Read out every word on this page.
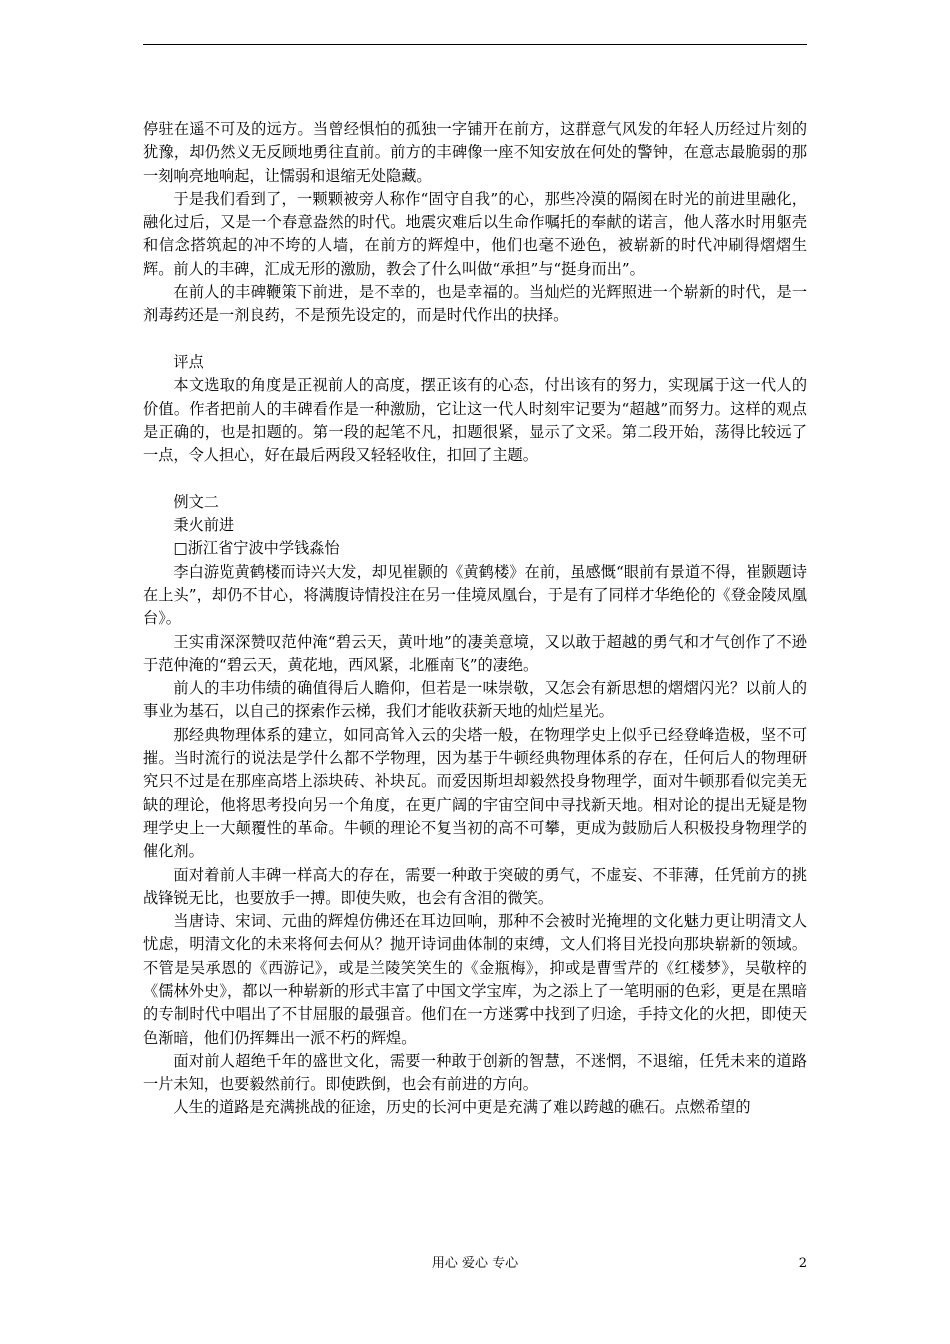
停驻在遥不可及的远方。当曾经惧怕的孤独一字铺开在前方，这群意气风发的年轻人历经过片刻的犹豫，却仍然义无反顾地勇往直前。前方的丰碑像一座不知安放在何处的警钟，在意志最脆弱的那一刻响亮地响起，让懦弱和退缩无处隐藏。

于是我们看到了，一颗颗被旁人称作“固守自我”的心，那些冷漠的隔阂在时光的前进里融化，融化过后，又是一个春意盎然的时代。地震灾难后以生命作嘱托的奉献的诺言，他人落水时用躯壳和信念搭筑起的冲不垮的人墙，在前方的辉煌中，他们也毫不逊色，被崭新的时代冲刷得熠熠生辉。前人的丰碑，汇成无形的激励，教会了什么叫做“承担”与“挺身而出”。

在前人的丰碑鞭策下前进，是不幸的，也是幸福的。当灿烂的光辉照进一个崭新的时代，是一剂毒药还是一剂良药，不是预先设定的，而是时代作出的抉择。

评点

本文选取的角度是正视前人的高度，摆正该有的心态，付出该有的努力，实现属于这一代人的价值。作者把前人的丰碑看作是一种激励，它让这一代人时刻牢记要为“超越”而努力。这样的观点是正确的，也是扣题的。第一段的起笔不凡，扣题很紧，显示了文采。第二段开始，荡得比较远了一点，令人担心，好在最后两段又轻轻收住，扣回了主题。

例文二

秉火前进

□浙江省宁波中学钱淼怡

李白游览黄鹤楼而诗兴大发，却见崔颢的《黄鹤楼》在前，虽感慨“眼前有景道不得，崔颢题诗在上头”，却仍不甘心，将满腹诗情投注在另一佳境凤凰台，于是有了同样才华绝伦的《登金陵凤凰台》。

王实甫深深赞叹范仲淹“碧云天，黄叶地”的凄美意境，又以敢于超越的勇气和才气创作了不逊于范仲淹的“碧云天，黄花地，西风紧，北雁南飞”的凄绝。

前人的丰功伟绩的确值得后人瞻仰，但若是一味崇敬，又怎会有新思想的熠熠闪光？以前人的事业为基石，以自己的探索作云梯，我们才能收获新天地的灿烂星光。

那经典物理体系的建立，如同高耸入云的尖塔一般，在物理学史上似乎已经登峰造极，坚不可摧。当时流行的说法是学什么都不学物理，因为基于牛顿经典物理体系的存在，任何后人的物理研究只不过是在那座高塔上添块砖、补块瓦。而爱因斯坦却毅然投身物理学，面对牛顿那看似完美无缺的理论，他将思考投向另一个角度，在更广阔的宇宙空间中寻找新天地。相对论的提出无疑是物理学史上一大颠覆性的革命。牛顿的理论不复当初的高不可攀，更成为鼓励后人积极投身物理学的催化剂。

面对着前人丰碑一样高大的存在，需要一种敢于突破的勇气，不虚妄、不菲薄，任凭前方的挑战锋锐无比，也要放手一搏。即使失败，也会有含泪的微笑。

当唐诗、宋词、元曲的辉煌仿佛还在耳边回响，那种不会被时光掩埋的文化魅力更让明清文人忧虑，明清文化的未来将何去何从？抛开诗词曲体制的束缚，文人们将目光投向那块崭新的领域。不管是吴承恩的《西游记》，或是兰陵笑笑生的《金瓶梅》，抑或是曹雪芹的《红楼梦》，吴敬梓的《儒林外史》，都以一种崭新的形式丰富了中国文学宝库，为之添上了一笔明丽的色彩，更是在黑暗的专制时代中唱出了不甘屈服的最强音。他们在一方迷雾中找到了归途，手持文化的火把，即使天色渐暗，他们仍挥舞出一派不朽的辉煌。

面对前人超绝千年的盛世文化，需要一种敢于创新的智慧，不迷惘，不退缩，任凭未来的道路一片未知，也要毅然前行。即使跌倒，也会有前进的方向。

人生的道路是充满挑战的征途，历史的长河中更是充满了难以跨越的礁石。点燃希望的

用心 爱心 专心	2
